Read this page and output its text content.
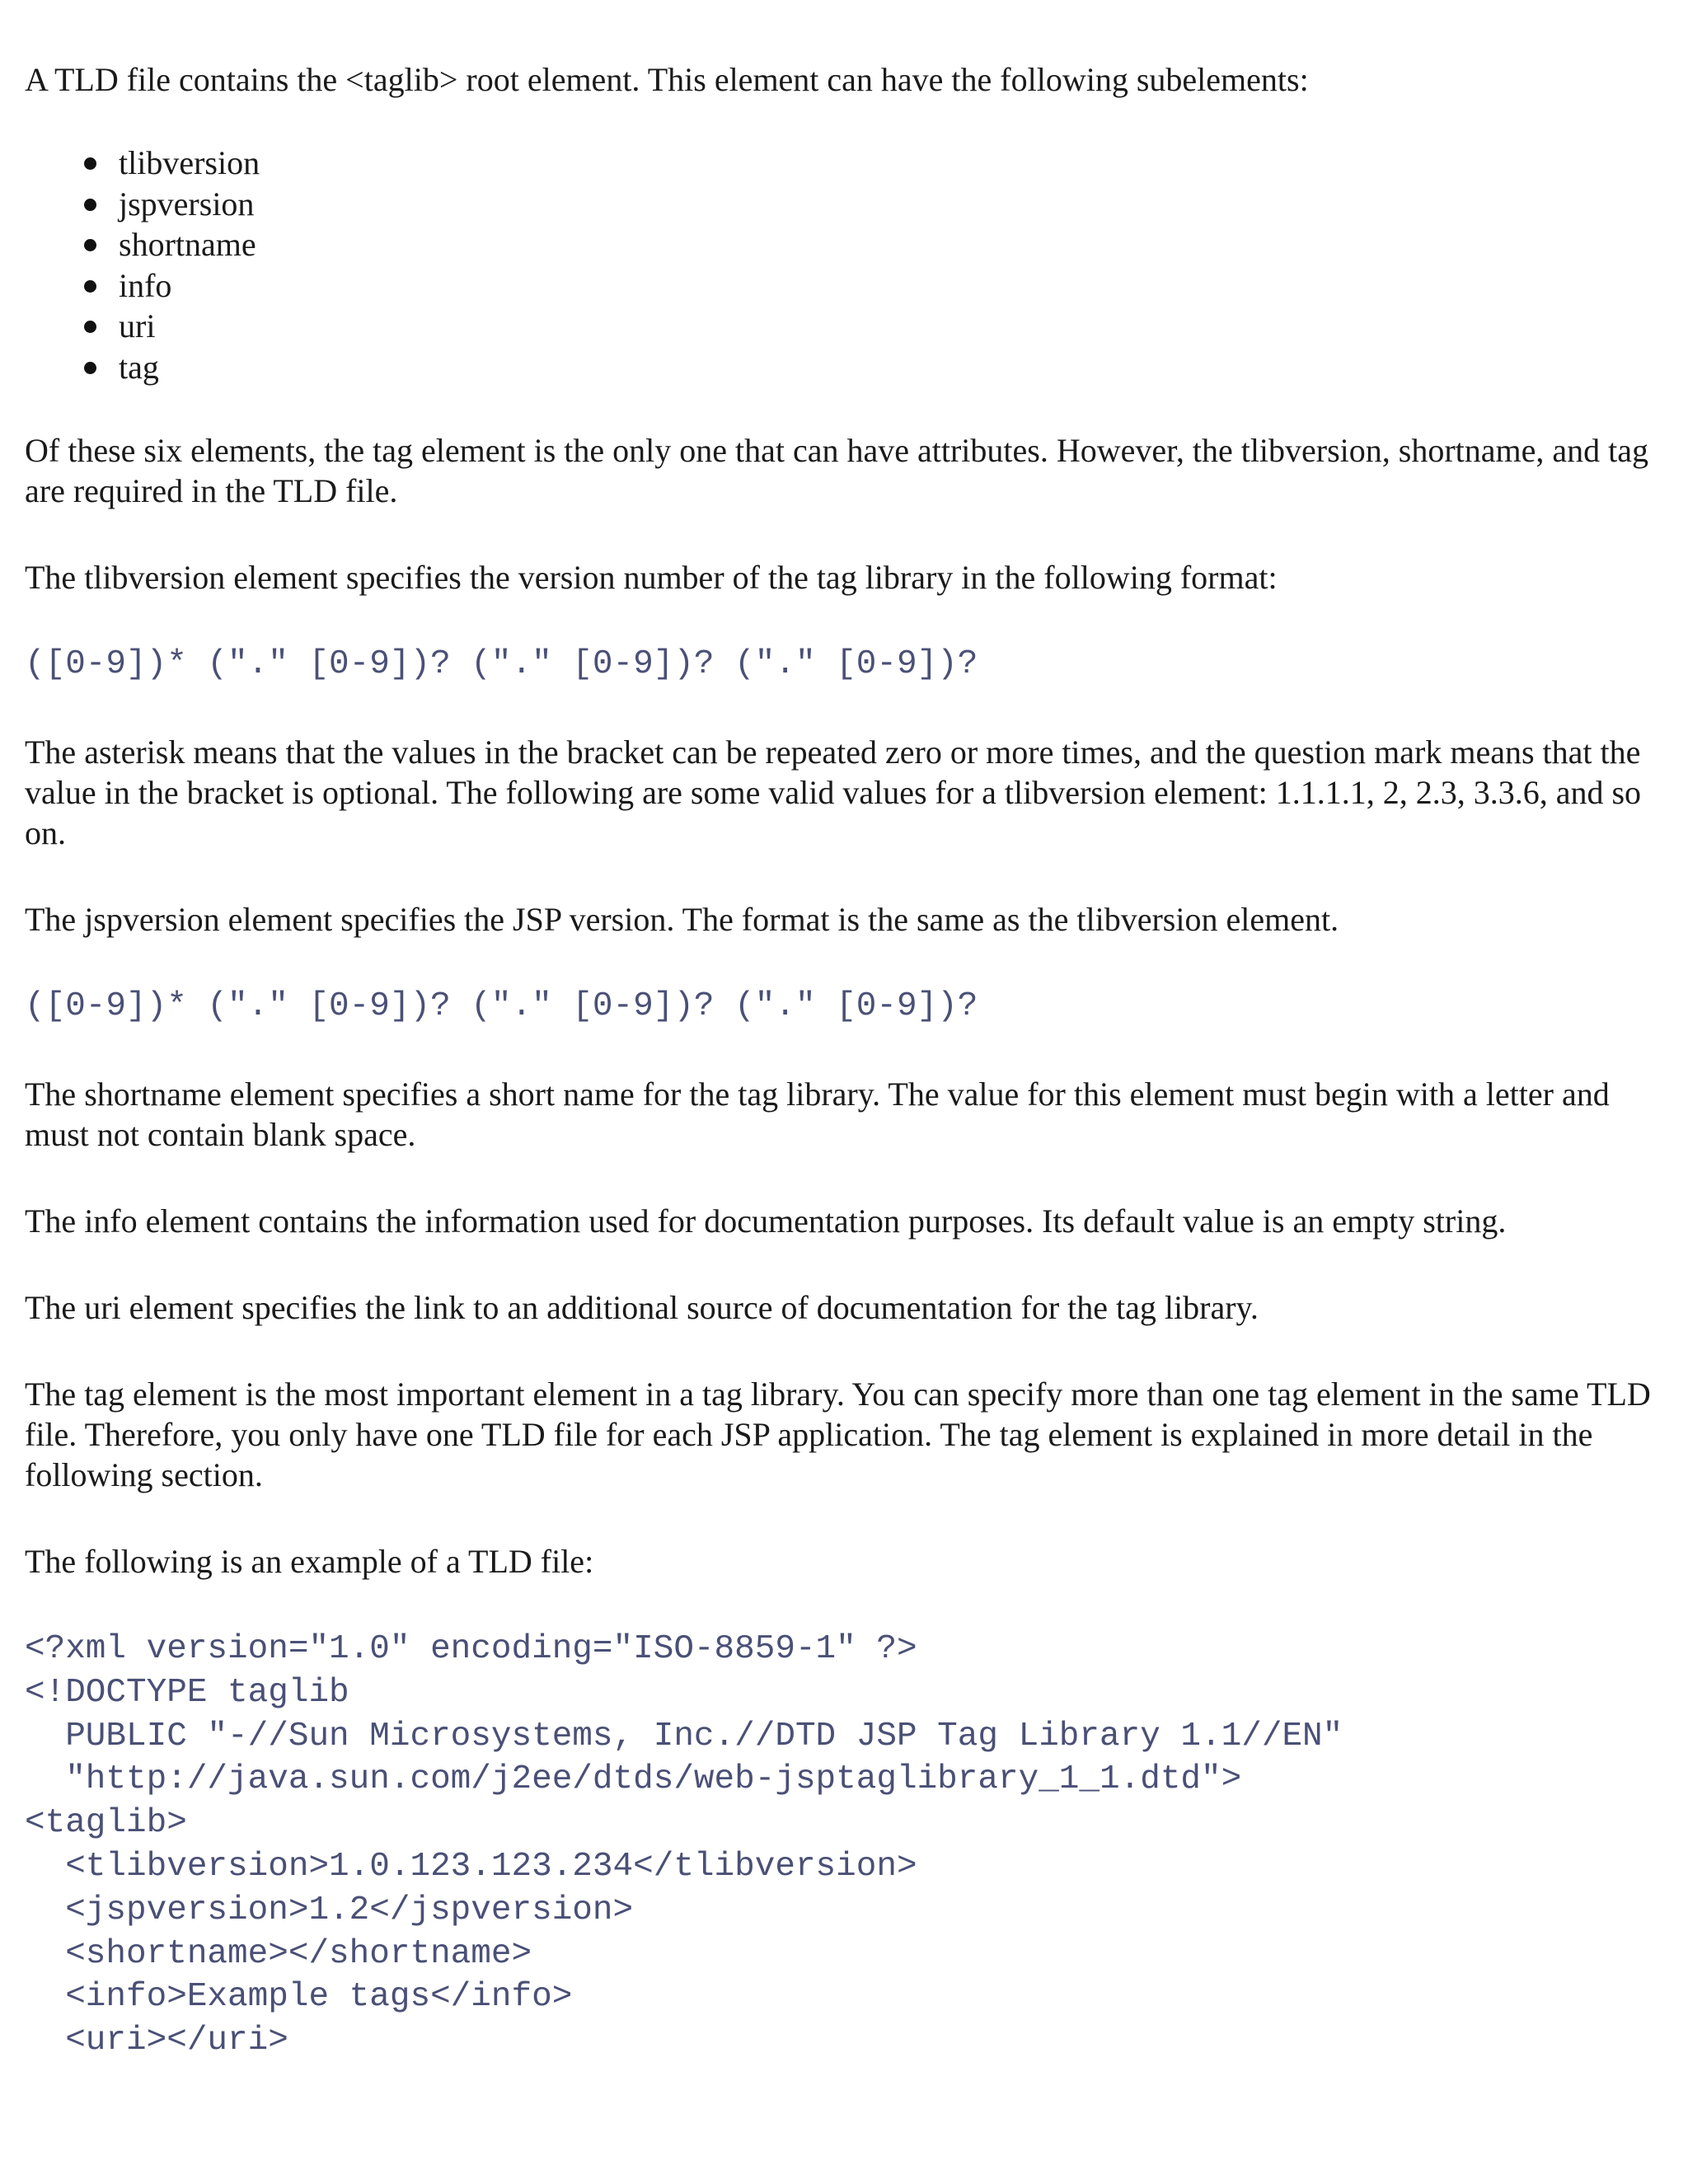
A TLD file contains the <taglib> root element. This element can have the following subelements:

tlibversion
jspversion
shortname
info
uri
tag

Of these six elements, the tag element is the only one that can have attributes. However, the tlibversion, shortname, and tag are required in the TLD file.

The tlibversion element specifies the version number of the tag library in the following format:

([0-9])* ("." [0-9])? ("." [0-9])? ("." [0-9])?

The asterisk means that the values in the bracket can be repeated zero or more times, and the question mark means that the value in the bracket is optional. The following are some valid values for a tlibversion element: 1.1.1.1, 2, 2.3, 3.3.6, and so on.

The jspversion element specifies the JSP version. The format is the same as the tlibversion element.

([0-9])* ("." [0-9])? ("." [0-9])? ("." [0-9])?

The shortname element specifies a short name for the tag library. The value for this element must begin with a letter and must not contain blank space.

The info element contains the information used for documentation purposes. Its default value is an empty string.

The uri element specifies the link to an additional source of documentation for the tag library.

The tag element is the most important element in a tag library. You can specify more than one tag element in the same TLD file. Therefore, you only have one TLD file for each JSP application. The tag element is explained in more detail in the following section.

The following is an example of a TLD file:

<?xml version="1.0" encoding="ISO-8859-1" ?>
<!DOCTYPE taglib
PUBLIC "-//Sun Microsystems, Inc.//DTD JSP Tag Library 1.1//EN"
"http://java.sun.com/j2ee/dtds/web-jsptaglibrary_1_1.dtd">
<taglib>
<tlibversion>1.0.123.123.234</tlibversion>
<jspversion>1.2</jspversion>
<shortname></shortname>
<info>Example tags</info>
<uri></uri>
